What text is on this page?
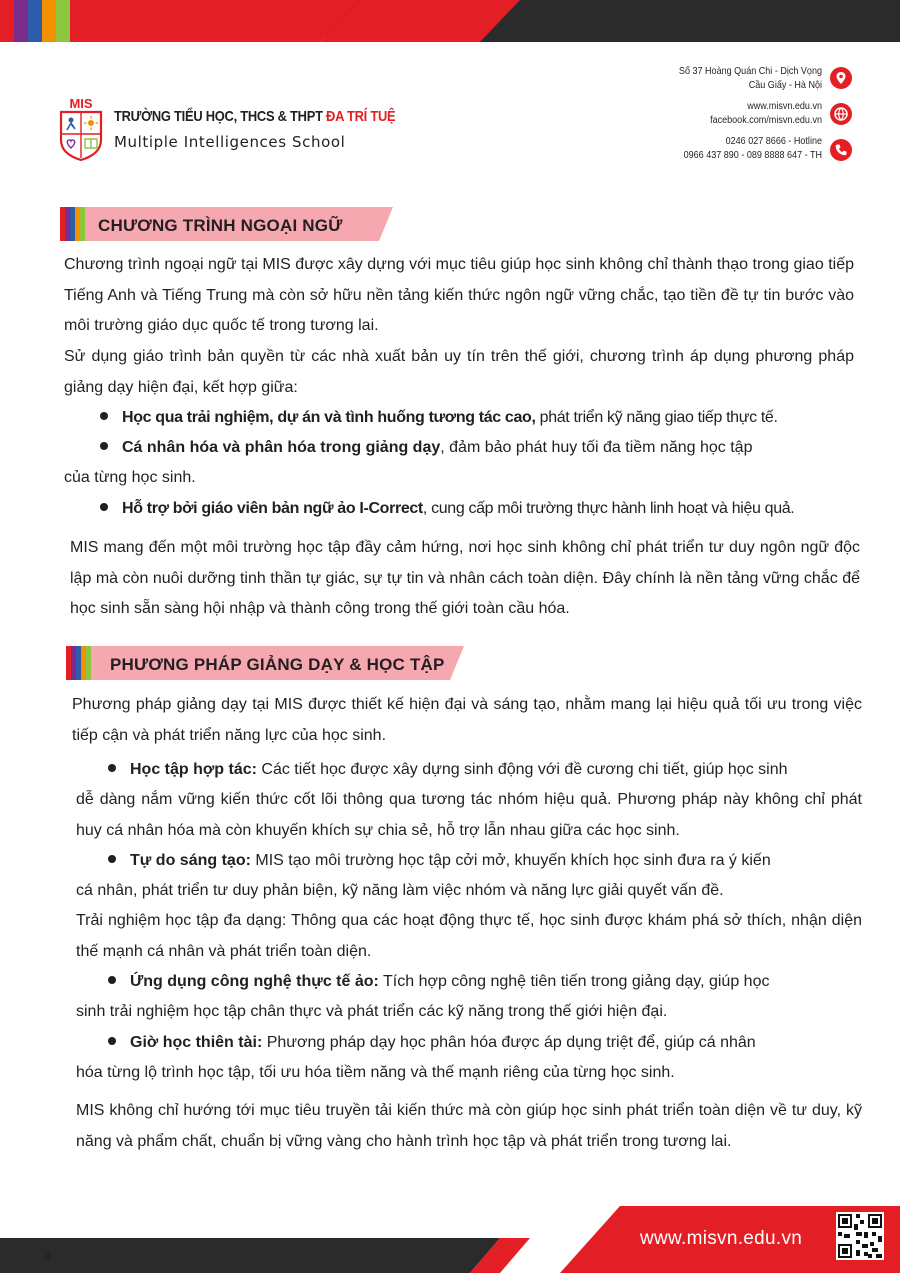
MIS
TRƯỜNG TIỂU HỌC, THCS & THPT ĐA TRÍ TUỆ
Multiple Intelligences School
Số 37 Hoàng Quán Chi - Dịch Vọng
Cầu Giấy - Hà Nội
www.misvn.edu.vn
facebook.com/misvn.edu.vn
0246 027 8666 - Hotline
0966 437 890 - 089 8888 647 - TH
CHƯƠNG TRÌNH NGOẠI NGỮ
Chương trình ngoại ngữ tại MIS được xây dựng với mục tiêu giúp học sinh không chỉ thành thạo trong giao tiếp Tiếng Anh và Tiếng Trung mà còn sở hữu nền tảng kiến thức ngôn ngữ vững chắc, tạo tiền đề tự tin bước vào môi trường giáo dục quốc tế trong tương lai.
Sử dụng giáo trình bản quyền từ các nhà xuất bản uy tín trên thế giới, chương trình áp dụng phương pháp giảng dạy hiện đại, kết hợp giữa:
Học qua trải nghiệm, dự án và tình huống tương tác cao, phát triển kỹ năng giao tiếp thực tế.
Cá nhân hóa và phân hóa trong giảng dạy, đảm bảo phát huy tối đa tiềm năng học tập
của từng học sinh.
Hỗ trợ bởi giáo viên bản ngữ ảo I-Correct, cung cấp môi trường thực hành linh hoạt và hiệu quả.
MIS mang đến một môi trường học tập đầy cảm hứng, nơi học sinh không chỉ phát triển tư duy ngôn ngữ độc lập mà còn nuôi dưỡng tinh thần tự giác, sự tự tin và nhân cách toàn diện. Đây chính là nền tảng vững chắc để học sinh sẵn sàng hội nhập và thành công trong thế giới toàn cầu hóa.
PHƯƠNG PHÁP GIẢNG DẠY & HỌC TẬP
Phương pháp giảng dạy tại MIS được thiết kế hiện đại và sáng tạo, nhằm mang lại hiệu quả tối ưu trong việc tiếp cận và phát triển năng lực của học sinh.
Học tập hợp tác: Các tiết học được xây dựng sinh động với đề cương chi tiết, giúp học sinh
dễ dàng nắm vững kiến thức cốt lõi thông qua tương tác nhóm hiệu quả. Phương pháp này không chỉ phát huy cá nhân hóa mà còn khuyến khích sự chia sẻ, hỗ trợ lẫn nhau giữa các học sinh.
Tự do sáng tạo: MIS tạo môi trường học tập cởi mở, khuyến khích học sinh đưa ra ý kiến
cá nhân, phát triển tư duy phản biện, kỹ năng làm việc nhóm và năng lực giải quyết vấn đề.
Trải nghiệm học tập đa dạng: Thông qua các hoạt động thực tế, học sinh được khám phá sở thích, nhận diện thế mạnh cá nhân và phát triển toàn diện.
Ứng dụng công nghệ thực tế ảo: Tích hợp công nghệ tiên tiến trong giảng dạy, giúp học
sinh trải nghiệm học tập chân thực và phát triển các kỹ năng trong thế giới hiện đại.
Giờ học thiên tài: Phương pháp dạy học phân hóa được áp dụng triệt để, giúp cá nhân
hóa từng lộ trình học tập, tối ưu hóa tiềm năng và thế mạnh riêng của từng học sinh.
MIS không chỉ hướng tới mục tiêu truyền tải kiến thức mà còn giúp học sinh phát triển toàn diện về tư duy, kỹ năng và phẩm chất, chuẩn bị vững vàng cho hành trình học tập và phát triển trong tương lai.
4
www.misvn.edu.vn
